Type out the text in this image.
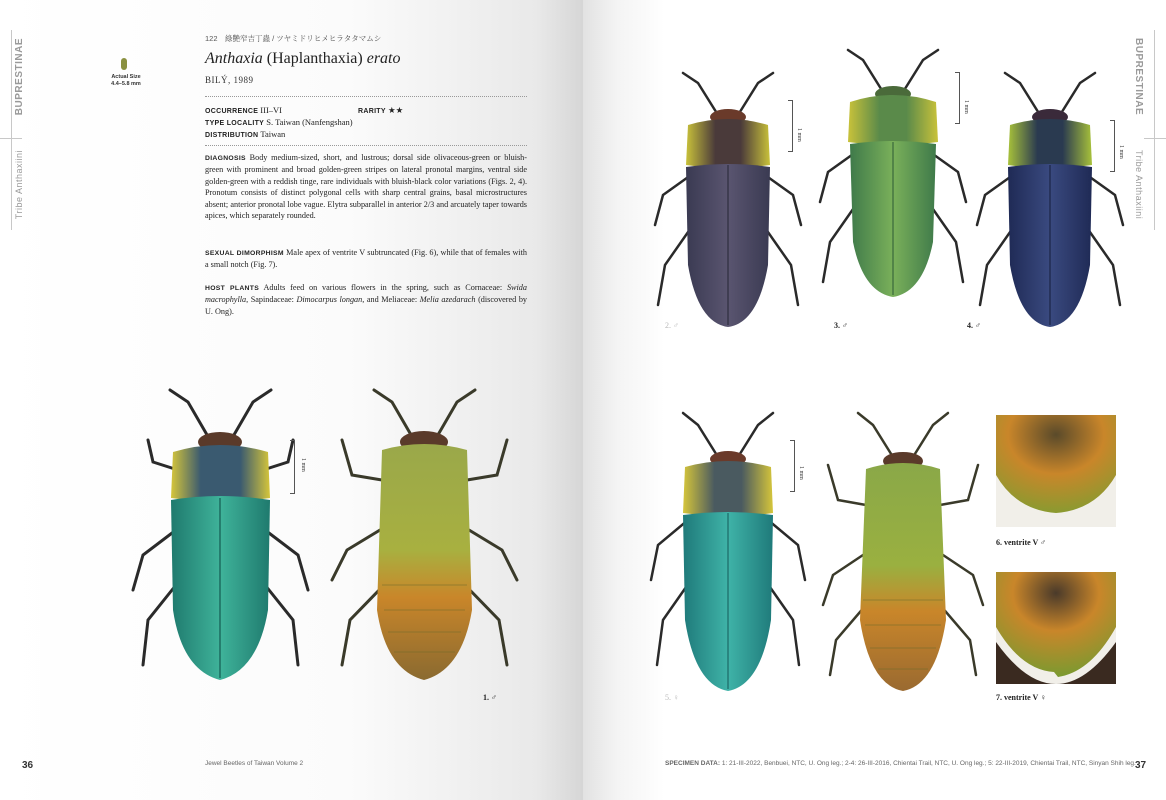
BUPRESTINAE
Tribe Anthaxiini
Actual Size
4.4–5.8 mm
122　綠艷窄吉丁蟲 / ツヤミドリヒメヒラタタマムシ
Anthaxia (Haplanthaxia) erato
BILÝ, 1989
OCCURRENCE III–VI	RARITY ★★
TYPE LOCALITY S. Taiwan (Nanfengshan)
DISTRIBUTION Taiwan

DIAGNOSIS Body medium-sized, short, and lustrous; dorsal side olivaceous-green or bluish-green with prominent and broad golden-green stripes on lateral pronotal margins, ventral side golden-green with a reddish tinge, rare individuals with bluish-black color variations (Figs. 2, 4). Pronotum consists of distinct polygonal cells with sharp central grains, basal microstructures absent; anterior pronotal lobe vague. Elytra subparallel in anterior 2/3 and arcuately taper towards apices, which separately rounded.

SEXUAL DIMORPHISM Male apex of ventrite V subtruncated (Fig. 6), while that of females with a small notch (Fig. 7).

HOST PLANTS Adults feed on various flowers in the spring, such as Cornaceae: Swida macrophylla, Sapindaceae: Dimocarpus longan, and Meliaceae: Melia azedarach (discovered by U. Ong).

1 mm
1. ♂
36	Jewel Beetles of Taiwan Volume 2
BUPRESTINAE
Tribe Anthaxiini
1 mm
2. ♂
1 mm
3. ♂
1 mm
4. ♂
1 mm
5. ♀
6. ventrite V ♂
7. ventrite V ♀
SPECIMEN DATA: 1: 21-III-2022, Benbuei, NTC, U. Ong leg.; 2-4: 26-III-2016, Chientai Trail, NTC, U. Ong leg.; 5: 22-III-2019, Chientai Trail, NTC, Sinyan Shih leg. 37
